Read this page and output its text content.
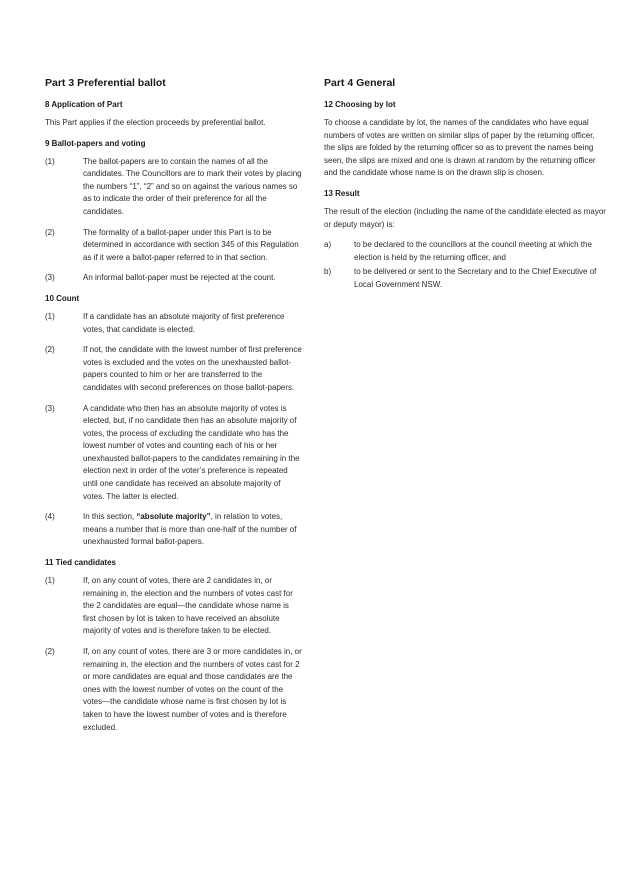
Part 3 Preferential ballot
8 Application of Part

This Part applies if the election proceeds by preferential ballot.

9 Ballot-papers and voting
(1)	The ballot-papers are to contain the names of all the candidates. The Councillors are to mark their votes by placing the numbers “1”, “2” and so on against the various names so as to indicate the order of their preference for all the candidates.
(2)	The formality of a ballot-paper under this Part is to be determined in accordance with section 345 of this Regulation as if it were a ballot-paper referred to in that section.
(3)	An informal ballot-paper must be rejected at the count.
10 Count
(1)	If a candidate has an absolute majority of first preference votes, that candidate is elected.
(2)	If not, the candidate with the lowest number of first preference votes is excluded and the votes on the unexhausted ballot-papers counted to him or her are transferred to the candidates with second preferences on those ballot-papers.
(3)	A candidate who then has an absolute majority of votes is elected, but, if no candidate then has an absolute majority of votes, the process of excluding the candidate who has the lowest number of votes and counting each of his or her unexhausted ballot-papers to the candidates remaining in the election next in order of the voter’s preference is repeated until one candidate has received an absolute majority of votes. The latter is elected.
(4)	In this section, “absolute majority”, in relation to votes, means a number that is more than one-half of the number of unexhausted formal ballot-papers.
11 Tied candidates
(1)	If, on any count of votes, there are 2 candidates in, or remaining in, the election and the numbers of votes cast for the 2 candidates are equal—the candidate whose name is first chosen by lot is taken to have received an absolute majority of votes and is therefore taken to be elected.
(2)	If, on any count of votes, there are 3 or more candidates in, or remaining in, the election and the numbers of votes cast for 2 or more candidates are equal and those candidates are the ones with the lowest number of votes on the count of the votes—the candidate whose name is first chosen by lot is taken to have the lowest number of votes and is therefore excluded.
Part 4 General
12 Choosing by lot

To choose a candidate by lot, the names of the candidates who have equal numbers of votes are written on similar slips of paper by the returning officer, the slips are folded by the returning officer so as to prevent the names being seen, the slips are mixed and one is drawn at random by the returning officer and the candidate whose name is on the drawn slip is chosen.

13 Result

The result of the election (including the name of the candidate elected as mayor or deputy mayor) is:

a)	to be declared to the councillors at the council meeting at which the election is held by the returning officer, and
b)	to be delivered or sent to the Secretary and to the Chief Executive of Local Government NSW.
